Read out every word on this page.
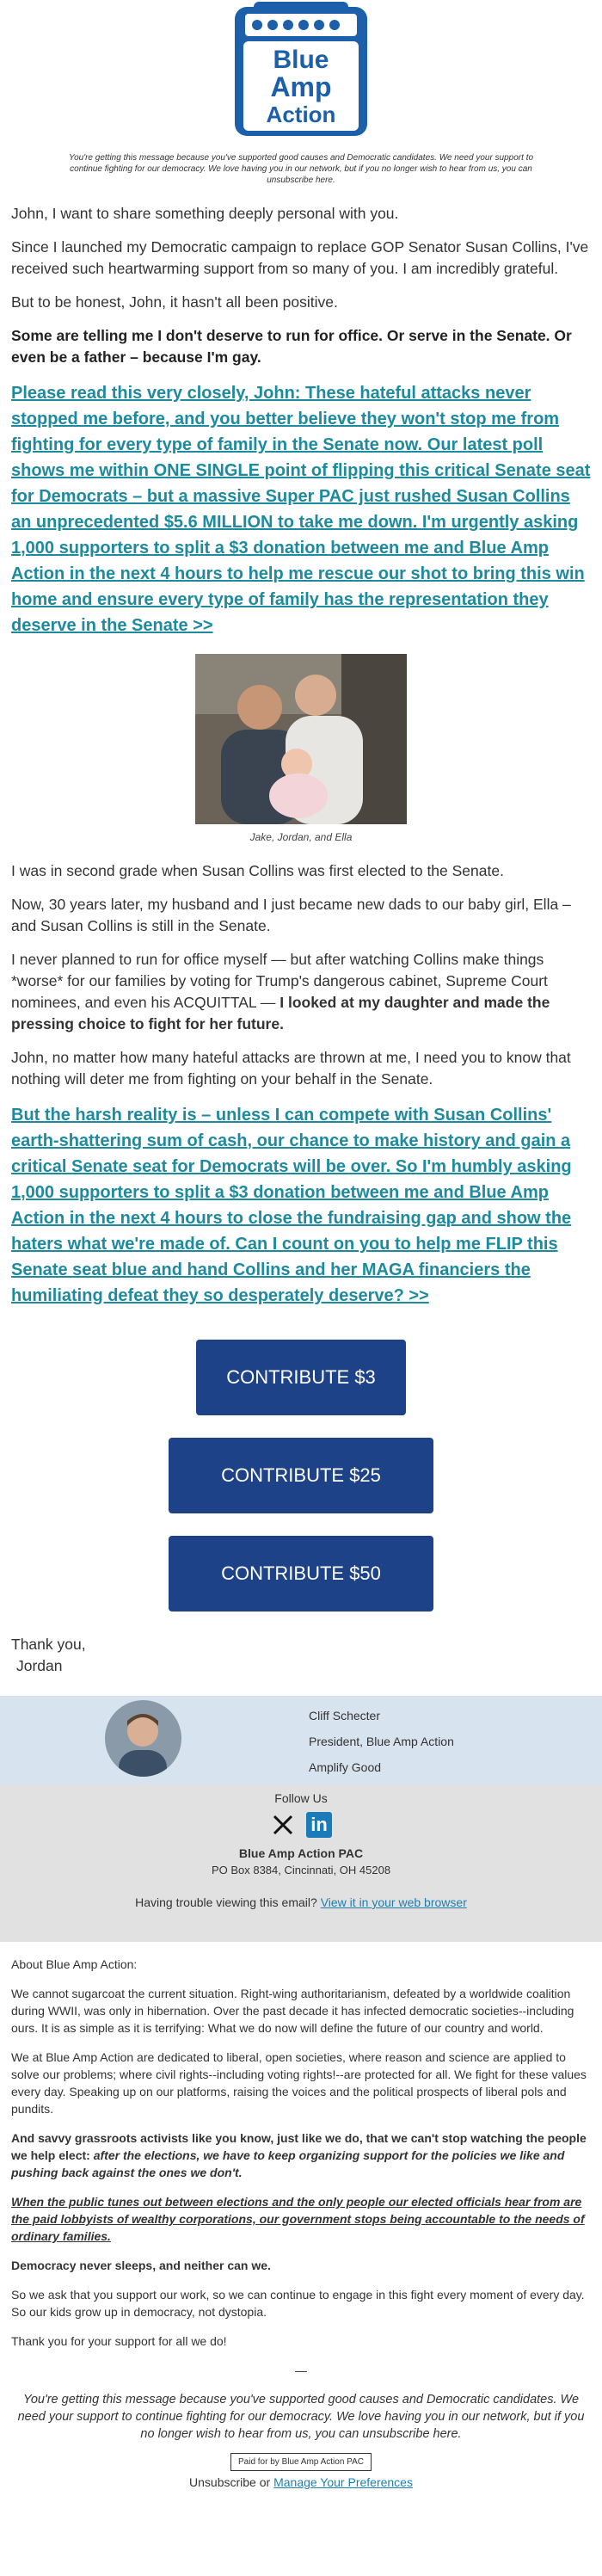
Blue
Amp
Action
You're getting this message because you've supported good causes and Democratic candidates. We need your support to continue fighting for our democracy. We love having you in our network, but if you no longer wish to hear from us, you can unsubscribe here.

John, I want to share something deeply personal with you.

Since I launched my Democratic campaign to replace GOP Senator Susan Collins, I've received such heartwarming support from so many of you. I am incredibly grateful.

But to be honest, John, it hasn't all been positive.

Some are telling me I don't deserve to run for office. Or serve in the Senate. Or even be a father – because I'm gay.

Please read this very closely, John: These hateful attacks never stopped me before, and you better believe they won't stop me from fighting for every type of family in the Senate now. Our latest poll shows me within ONE SINGLE point of flipping this critical Senate seat for Democrats – but a massive Super PAC just rushed Susan Collins an unprecedented $5.6 MILLION to take me down. I'm urgently asking 1,000 supporters to split a $3 donation between me and Blue Amp Action in the next 4 hours to help me rescue our shot to bring this win home and ensure every type of family has the representation they deserve in the Senate >>
Jake, Jordan, and Ella

I was in second grade when Susan Collins was first elected to the Senate.

Now, 30 years later, my husband and I just became new dads to our baby girl, Ella – and Susan Collins is still in the Senate.

I never planned to run for office myself — but after watching Collins make things *worse* for our families by voting for Trump's dangerous cabinet, Supreme Court nominees, and even his ACQUITTAL — I looked at my daughter and made the pressing choice to fight for her future.

John, no matter how many hateful attacks are thrown at me, I need you to know that nothing will deter me from fighting on your behalf in the Senate.

But the harsh reality is – unless I can compete with Susan Collins' earth-shattering sum of cash, our chance to make history and gain a critical Senate seat for Democrats will be over. So I'm humbly asking 1,000 supporters to split a $3 donation between me and Blue Amp Action in the next 4 hours to close the fundraising gap and show the haters what we're made of. Can I count on you to help me FLIP this Senate seat blue and hand Collins and her MAGA financiers the humiliating defeat they so desperately deserve? >>
CONTRIBUTE $3
CONTRIBUTE $25
CONTRIBUTE $50
Thank you,
Jordan
Cliff Schecter
President, Blue Amp Action
Amplify Good
Follow Us
in
Blue Amp Action PAC
PO Box 8384, Cincinnati, OH 45208
Having trouble viewing this email? View it in your web browser

About Blue Amp Action:

We cannot sugarcoat the current situation. Right-wing authoritarianism, defeated by a worldwide coalition during WWII, was only in hibernation. Over the past decade it has infected democratic societies--including ours. It is as simple as it is terrifying: What we do now will define the future of our country and world.

We at Blue Amp Action are dedicated to liberal, open societies, where reason and science are applied to solve our problems; where civil rights--including voting rights!--are protected for all. We fight for these values every day. Speaking up on our platforms, raising the voices and the political prospects of liberal pols and pundits.

And savvy grassroots activists like you know, just like we do, that we can't stop watching the people we help elect: after the elections, we have to keep organizing support for the policies we like and pushing back against the ones we don't.

When the public tunes out between elections and the only people our elected officials hear from are the paid lobbyists of wealthy corporations, our government stops being accountable to the needs of ordinary families.

Democracy never sleeps, and neither can we.

So we ask that you support our work, so we can continue to engage in this fight every moment of every day. So our kids grow up in democracy, not dystopia.

Thank you for your support for all we do!

—
You're getting this message because you've supported good causes and Democratic candidates. We need your support to continue fighting for our democracy. We love having you in our network, but if you no longer wish to hear from us, you can unsubscribe here.
Paid for by Blue Amp Action PAC
Unsubscribe or Manage Your Preferences
